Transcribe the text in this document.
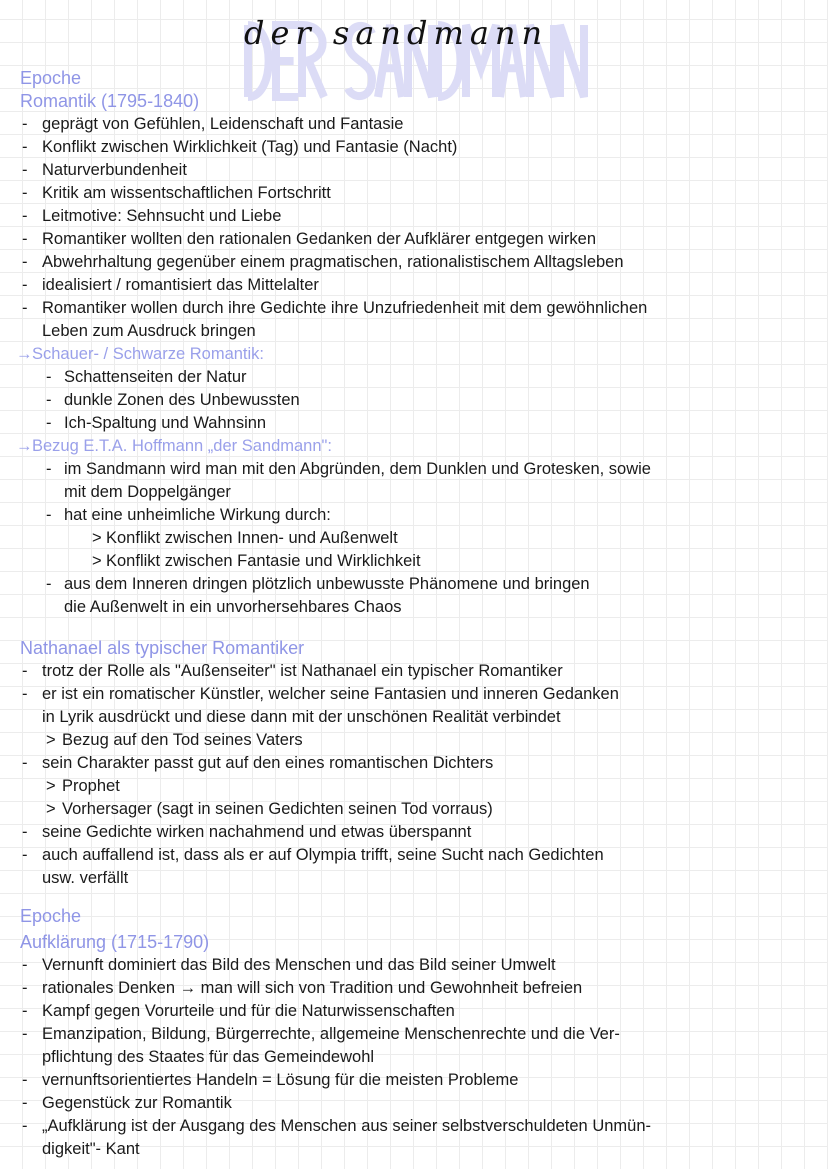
der sandmann
Epoche
Romantik (1795-1840)
- geprägt von Gefühlen, Leidenschaft und Fantasie
- Konflikt zwischen Wirklichkeit (Tag) und Fantasie (Nacht)
- Naturverbundenheit
- Kritik am wissentschaftlichen Fortschritt
- Leitmotive: Sehnsucht und Liebe
- Romantiker wollten den rationalen Gedanken der Aufklärer entgegen wirken
- Abwehrhaltung gegenüber einem pragmatischen, rationalistischem Alltagsleben
- idealisiert / romantisiert das Mittelalter
- Romantiker wollen durch ihre Gedichte ihre Unzufriedenheit mit dem gewöhnlichen
Leben zum Ausdruck bringen
→ Schauer- / Schwarze Romantik:
- Schattenseiten der Natur
- dunkle Zonen des Unbewussten
- Ich-Spaltung und Wahnsinn
→ Bezug E.T.A. Hoffmann „der Sandmann":
- im Sandmann wird man mit den Abgründen, dem Dunklen und Grotesken, sowie
mit dem Doppelgänger
- hat eine unheimliche Wirkung durch:
> Konflikt zwischen Innen- und Außenwelt
> Konflikt zwischen Fantasie und Wirklichkeit
- aus dem Inneren dringen plötzlich unbewusste Phänomene und bringen
die Außenwelt in ein unvorhersehbares Chaos
Nathanael als typischer Romantiker
- trotz der Rolle als "Außenseiter" ist Nathanael ein typischer Romantiker
- er ist ein romatischer Künstler, welcher seine Fantasien und inneren Gedanken
in Lyrik ausdrückt und diese dann mit der unschönen Realität verbindet
> Bezug auf den Tod seines Vaters
- sein Charakter passt gut auf den eines romantischen Dichters
> Prophet
> Vorhersager (sagt in seinen Gedichten seinen Tod vorraus)
- seine Gedichte wirken nachahmend und etwas überspannt
- auch auffallend ist, dass als er auf Olympia trifft, seine Sucht nach Gedichten
usw. verfällt
Epoche
Aufklärung (1715-1790)
- Vernunft dominiert das Bild des Menschen und das Bild seiner Umwelt
- rationales Denken → man will sich von Tradition und Gewohnheit befreien
- Kampf gegen Vorurteile und für die Naturwissenschaften
- Emanzipation, Bildung, Bürgerrechte, allgemeine Menschenrechte und die Ver-
pflichtung des Staates für das Gemeindewohl
- vernunftsorientiertes Handeln = Lösung für die meisten Probleme
- Gegenstück zur Romantik
- „Aufklärung ist der Ausgang des Menschen aus seiner selbstverschuldeten Unmün-
digkeit"- Kant
